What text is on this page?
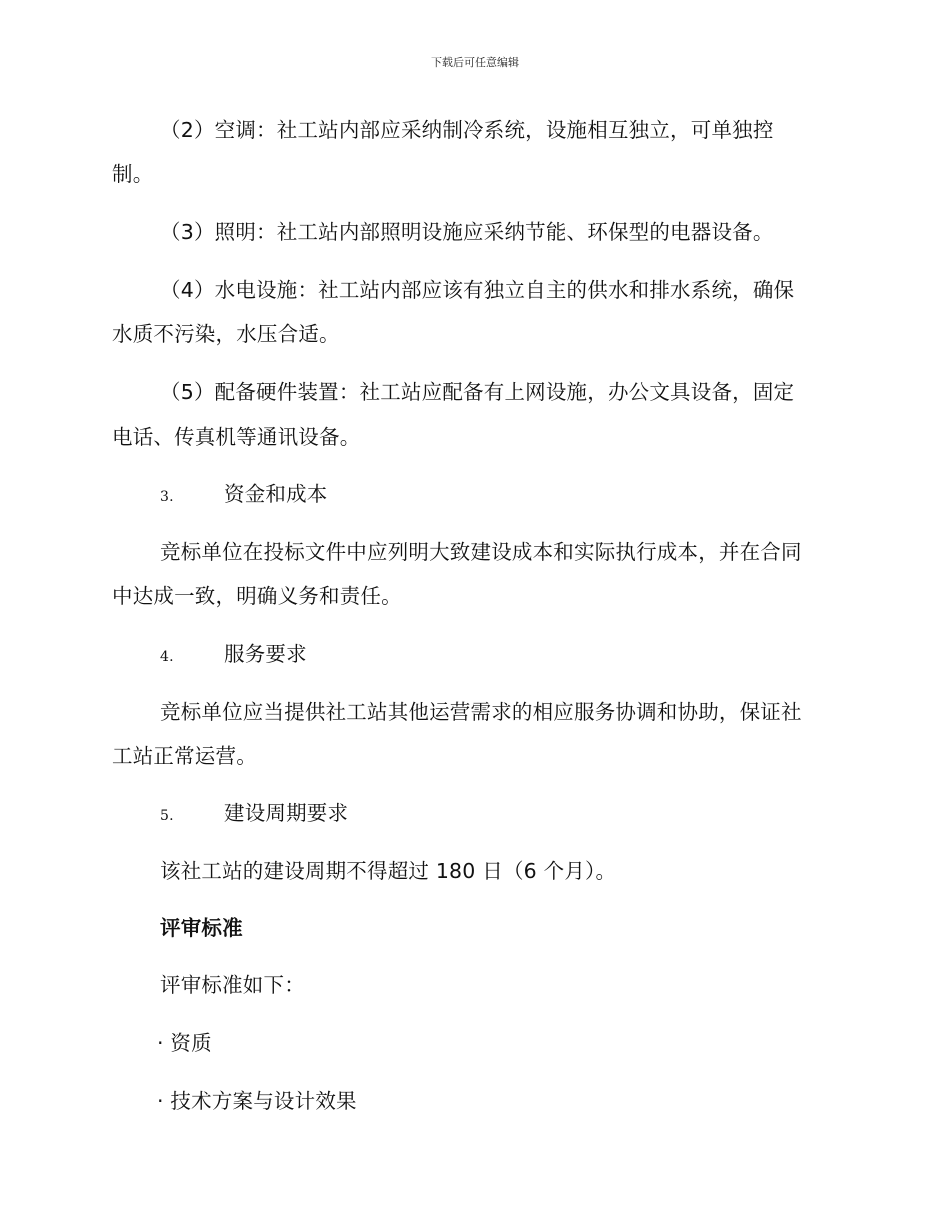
下载后可任意编辑
（2）空调：社工站内部应采纳制冷系统，设施相互独立，可单独控
制。
（3）照明：社工站内部照明设施应采纳节能、环保型的电器设备。
（4）水电设施：社工站内部应该有独立自主的供水和排水系统，确保
水质不污染，水压合适。
（5）配备硬件装置：社工站应配备有上网设施，办公文具设备，固定
电话、传真机等通讯设备。
3. 资金和成本
竞标单位在投标文件中应列明大致建设成本和实际执行成本，并在合同
中达成一致，明确义务和责任。
4. 服务要求
竞标单位应当提供社工站其他运营需求的相应服务协调和协助，保证社
工站正常运营。
5. 建设周期要求
该社工站的建设周期不得超过 180 日（6 个月）。
评审标准
评审标准如下：
· 资质
· 技术方案与设计效果
